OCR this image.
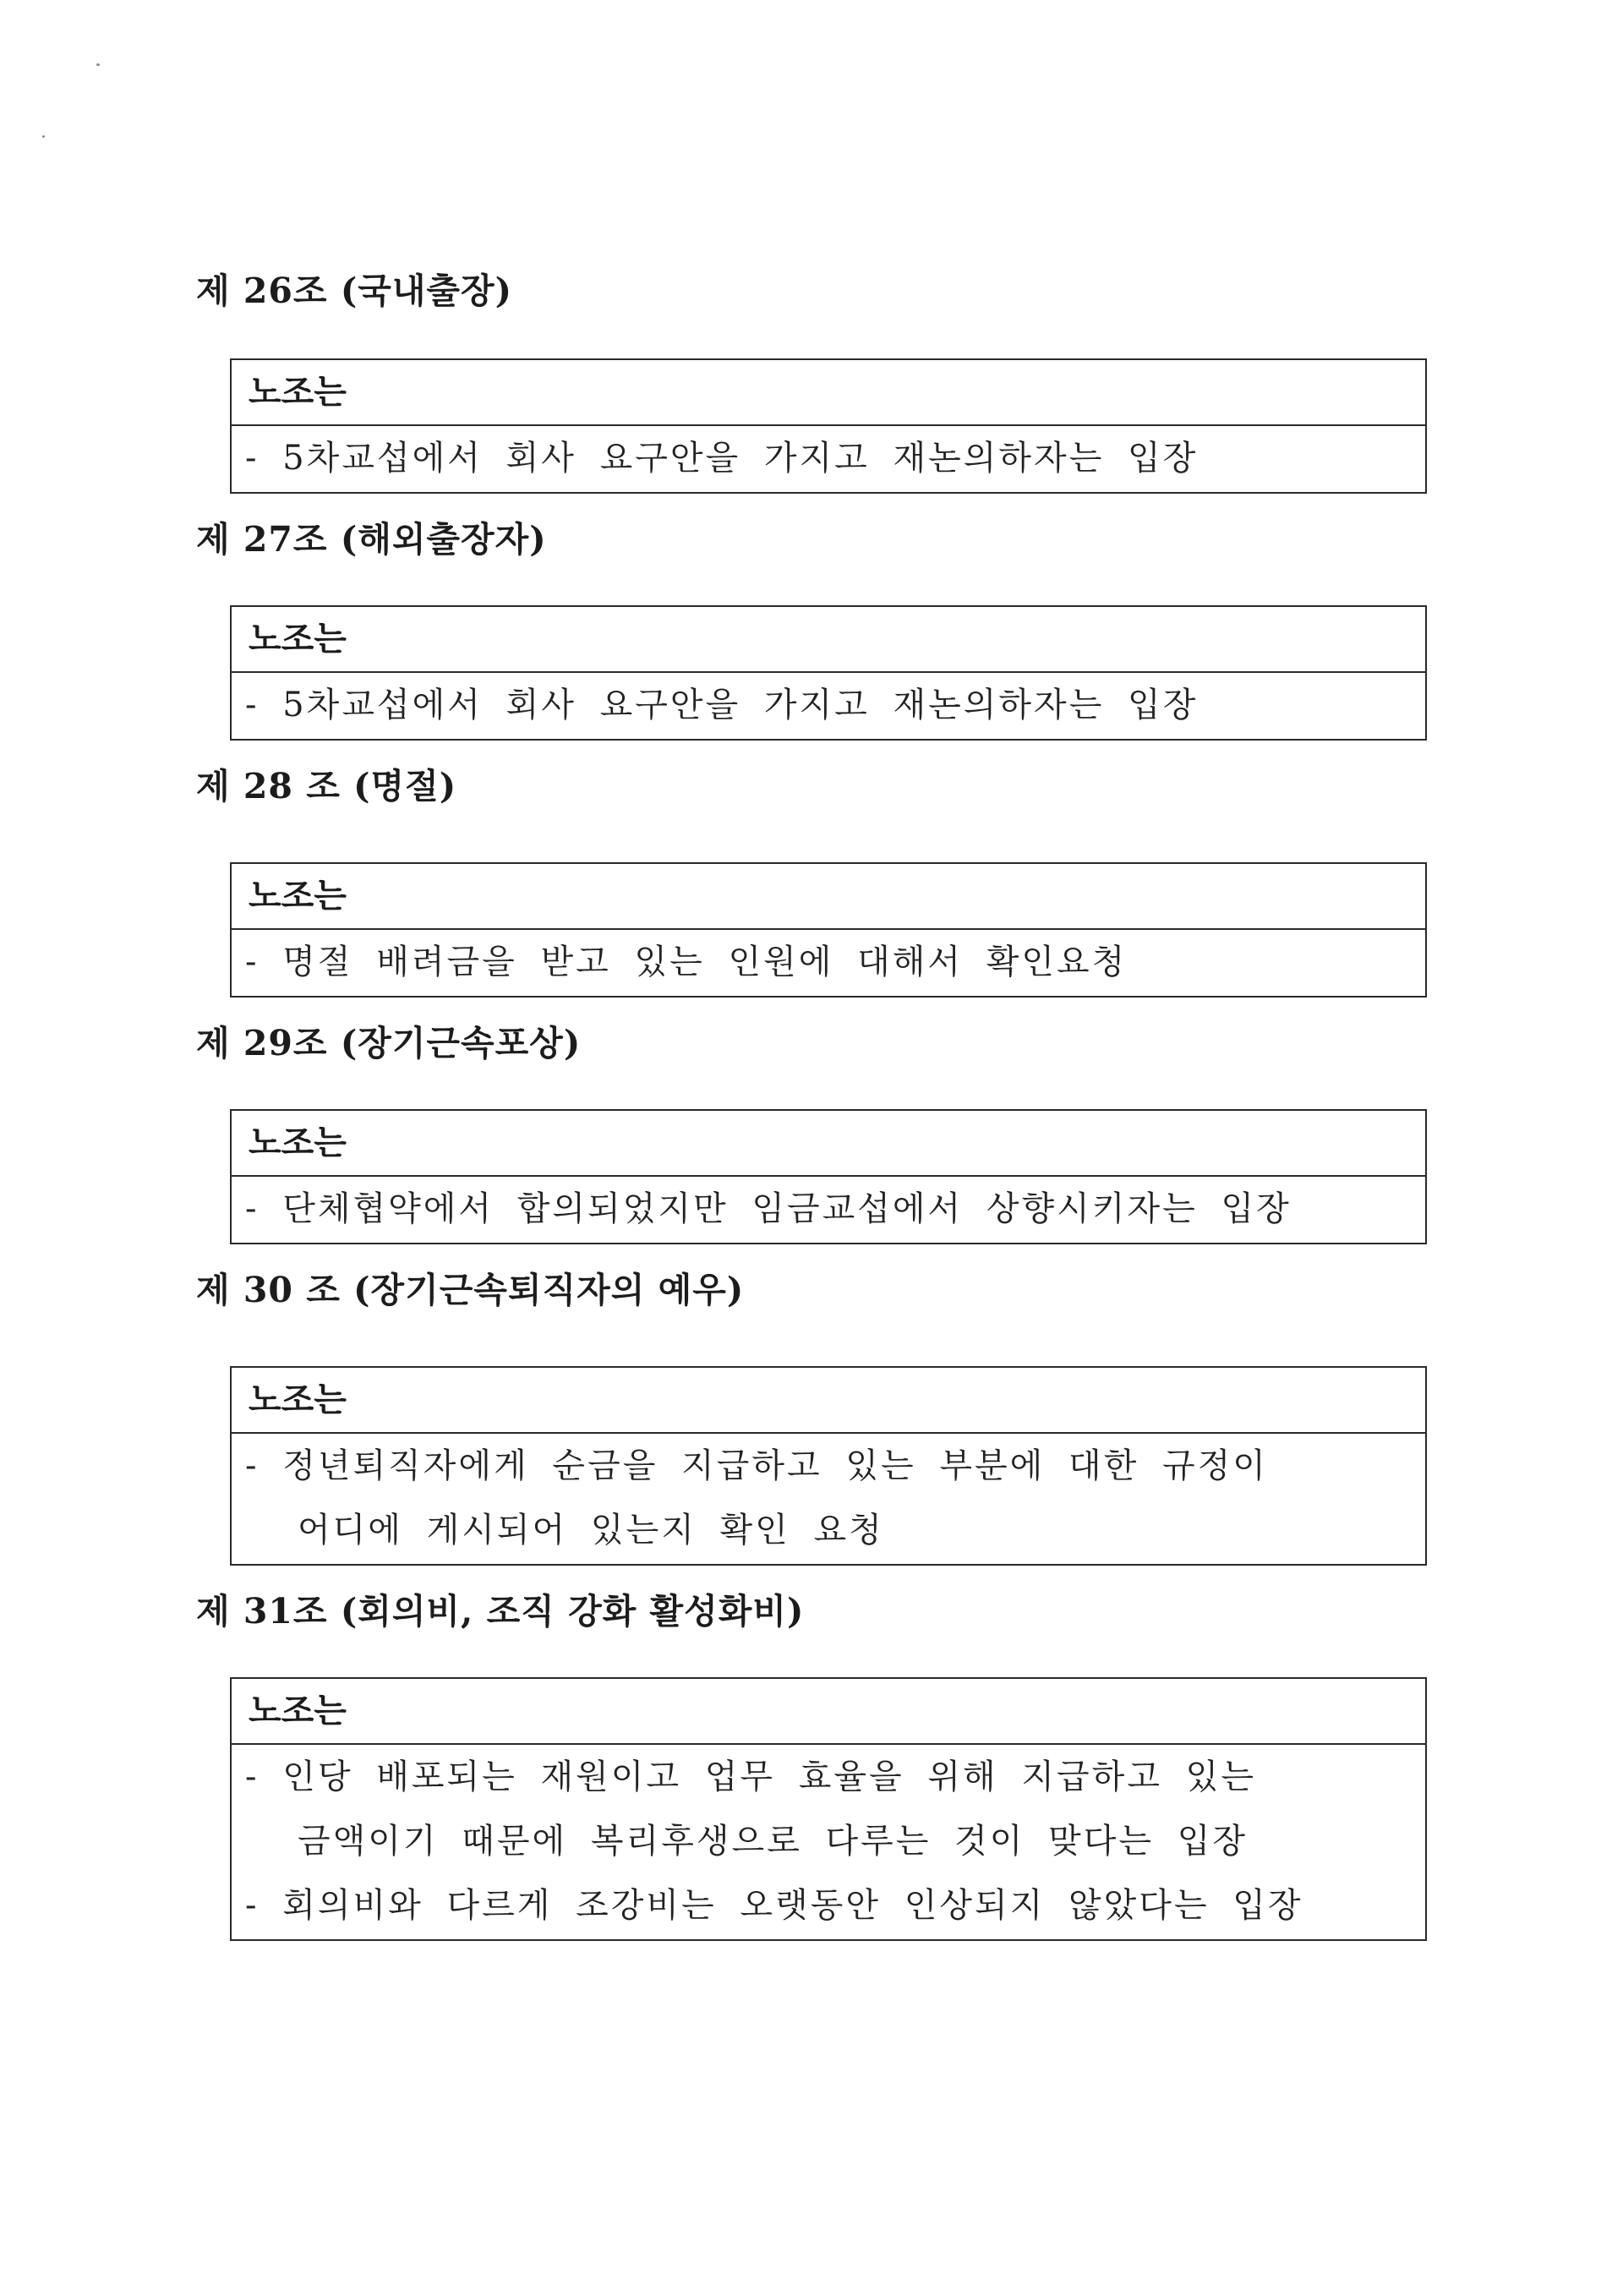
제 26조 (국내출장)
노조는
- 5차교섭에서 회사 요구안을 가지고 재논의하자는 입장
제 27조 (해외출장자)
노조는
- 5차교섭에서 회사 요구안을 가지고 재논의하자는 입장
제 28 조 (명절)
노조는
- 명절 배려금을 받고 있는 인원에 대해서 확인요청
제 29조 (장기근속포상)
노조는
- 단체협약에서 합의되었지만 임금교섭에서 상향시키자는 입장
제 30 조 (장기근속퇴직자의 예우)
노조는
- 정년퇴직자에게 순금을 지급하고 있는 부분에 대한 규정이
어디에 게시되어 있는지 확인 요청
제 31조 (회의비, 조직 강화 활성화비)
노조는
- 인당 배포되는 재원이고 업무 효율을 위해 지급하고 있는
금액이기 때문에 복리후생으로 다루는 것이 맞다는 입장
- 회의비와 다르게 조강비는 오랫동안 인상되지 않았다는 입장
